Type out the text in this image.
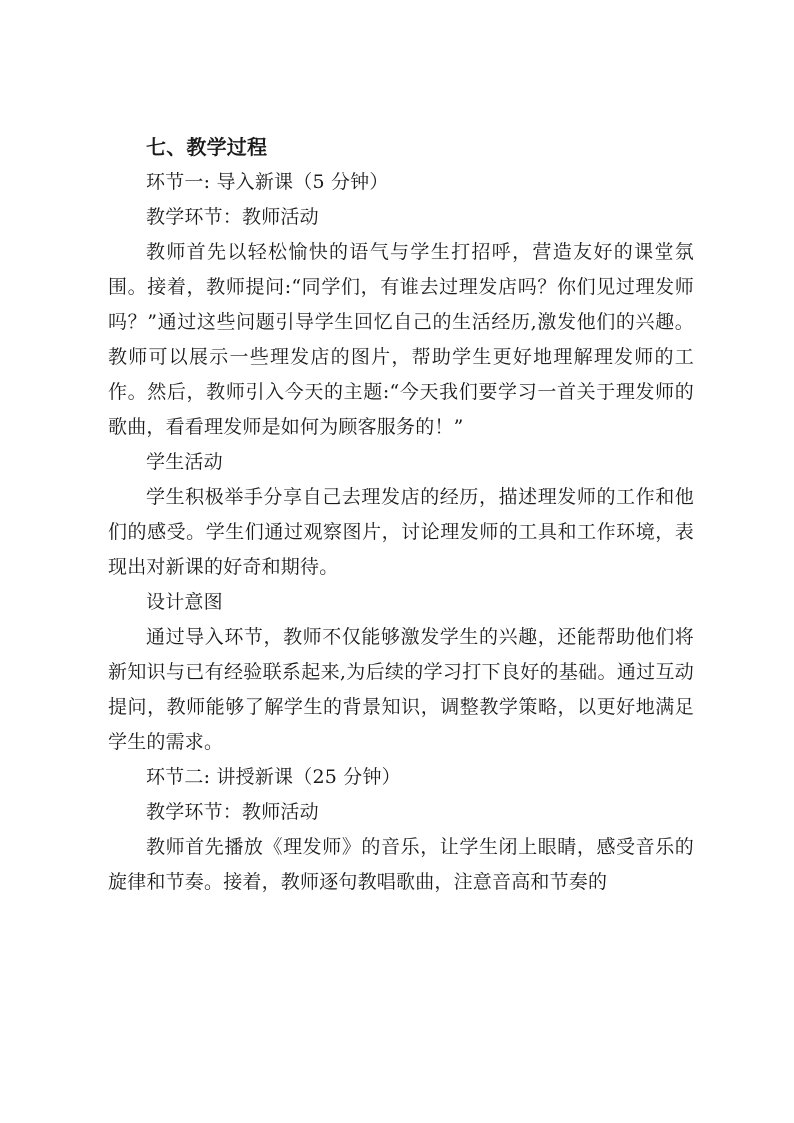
七、教学过程
环节一: 导入新课（5 分钟）
教学环节：教师活动

教师首先以轻松愉快的语气与学生打招呼，营造友好的课堂氛围。接着，教师提问:“同学们，有谁去过理发店吗？你们见过理发师吗？”通过这些问题引导学生回忆自己的生活经历,激发他们的兴趣。教师可以展示一些理发店的图片，帮助学生更好地理解理发师的工作。然后，教师引入今天的主题:“今天我们要学习一首关于理发师的歌曲，看看理发师是如何为顾客服务的！”

学生活动

学生积极举手分享自己去理发店的经历，描述理发师的工作和他们的感受。学生们通过观察图片，讨论理发师的工具和工作环境，表现出对新课的好奇和期待。

设计意图

通过导入环节，教师不仅能够激发学生的兴趣，还能帮助他们将新知识与已有经验联系起来,为后续的学习打下良好的基础。通过互动提问，教师能够了解学生的背景知识，调整教学策略，以更好地满足学生的需求。

环节二: 讲授新课（25 分钟）
教学环节：教师活动

教师首先播放《理发师》的音乐，让学生闭上眼睛，感受音乐的旋律和节奏。接着，教师逐句教唱歌曲，注意音高和节奏的
